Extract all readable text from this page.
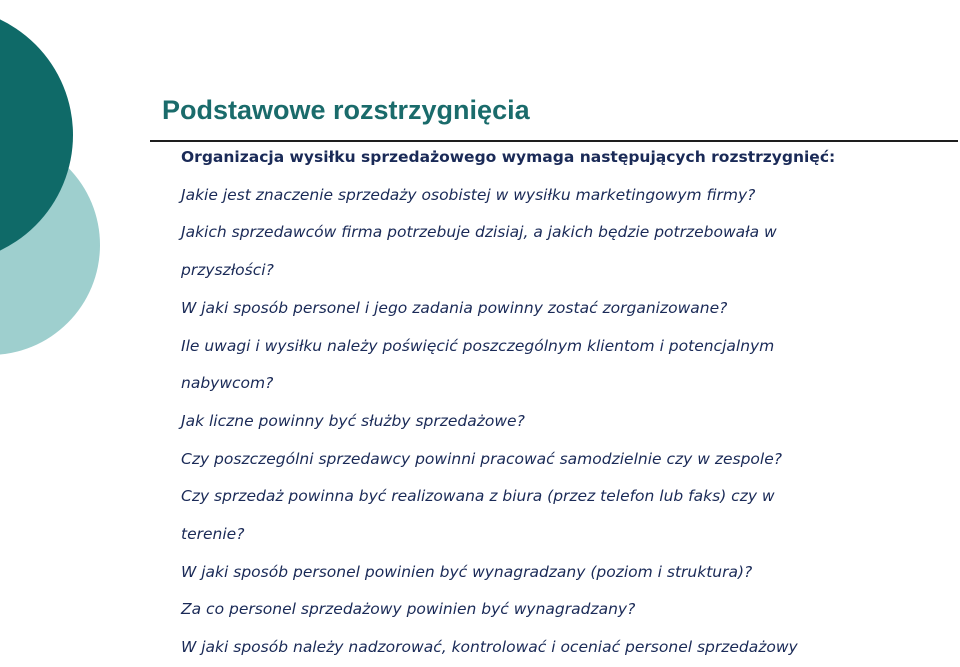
Podstawowe rozstrzygnięcia

Organizacja wysiłku sprzedażowego wymaga następujących rozstrzygnięć:

Jakie jest znaczenie sprzedaży osobistej w wysiłku marketingowym firmy?
Jakich sprzedawców firma potrzebuje dzisiaj, a jakich będzie potrzebowała w
przyszłości?
W jaki sposób personel i jego zadania powinny zostać zorganizowane?
Ile uwagi i wysiłku należy poświęcić poszczególnym klientom i potencjalnym
nabywcom?
Jak liczne powinny być służby sprzedażowe?
Czy poszczególni sprzedawcy powinni pracować samodzielnie czy w zespole?
Czy sprzedaż powinna być realizowana z biura (przez telefon lub faks) czy w
terenie?
W jaki sposób personel powinien być wynagradzany (poziom i struktura)?
Za co personel sprzedażowy powinien być wynagradzany?
W jaki sposób należy nadzorować, kontrolować i oceniać personel sprzedażowy
